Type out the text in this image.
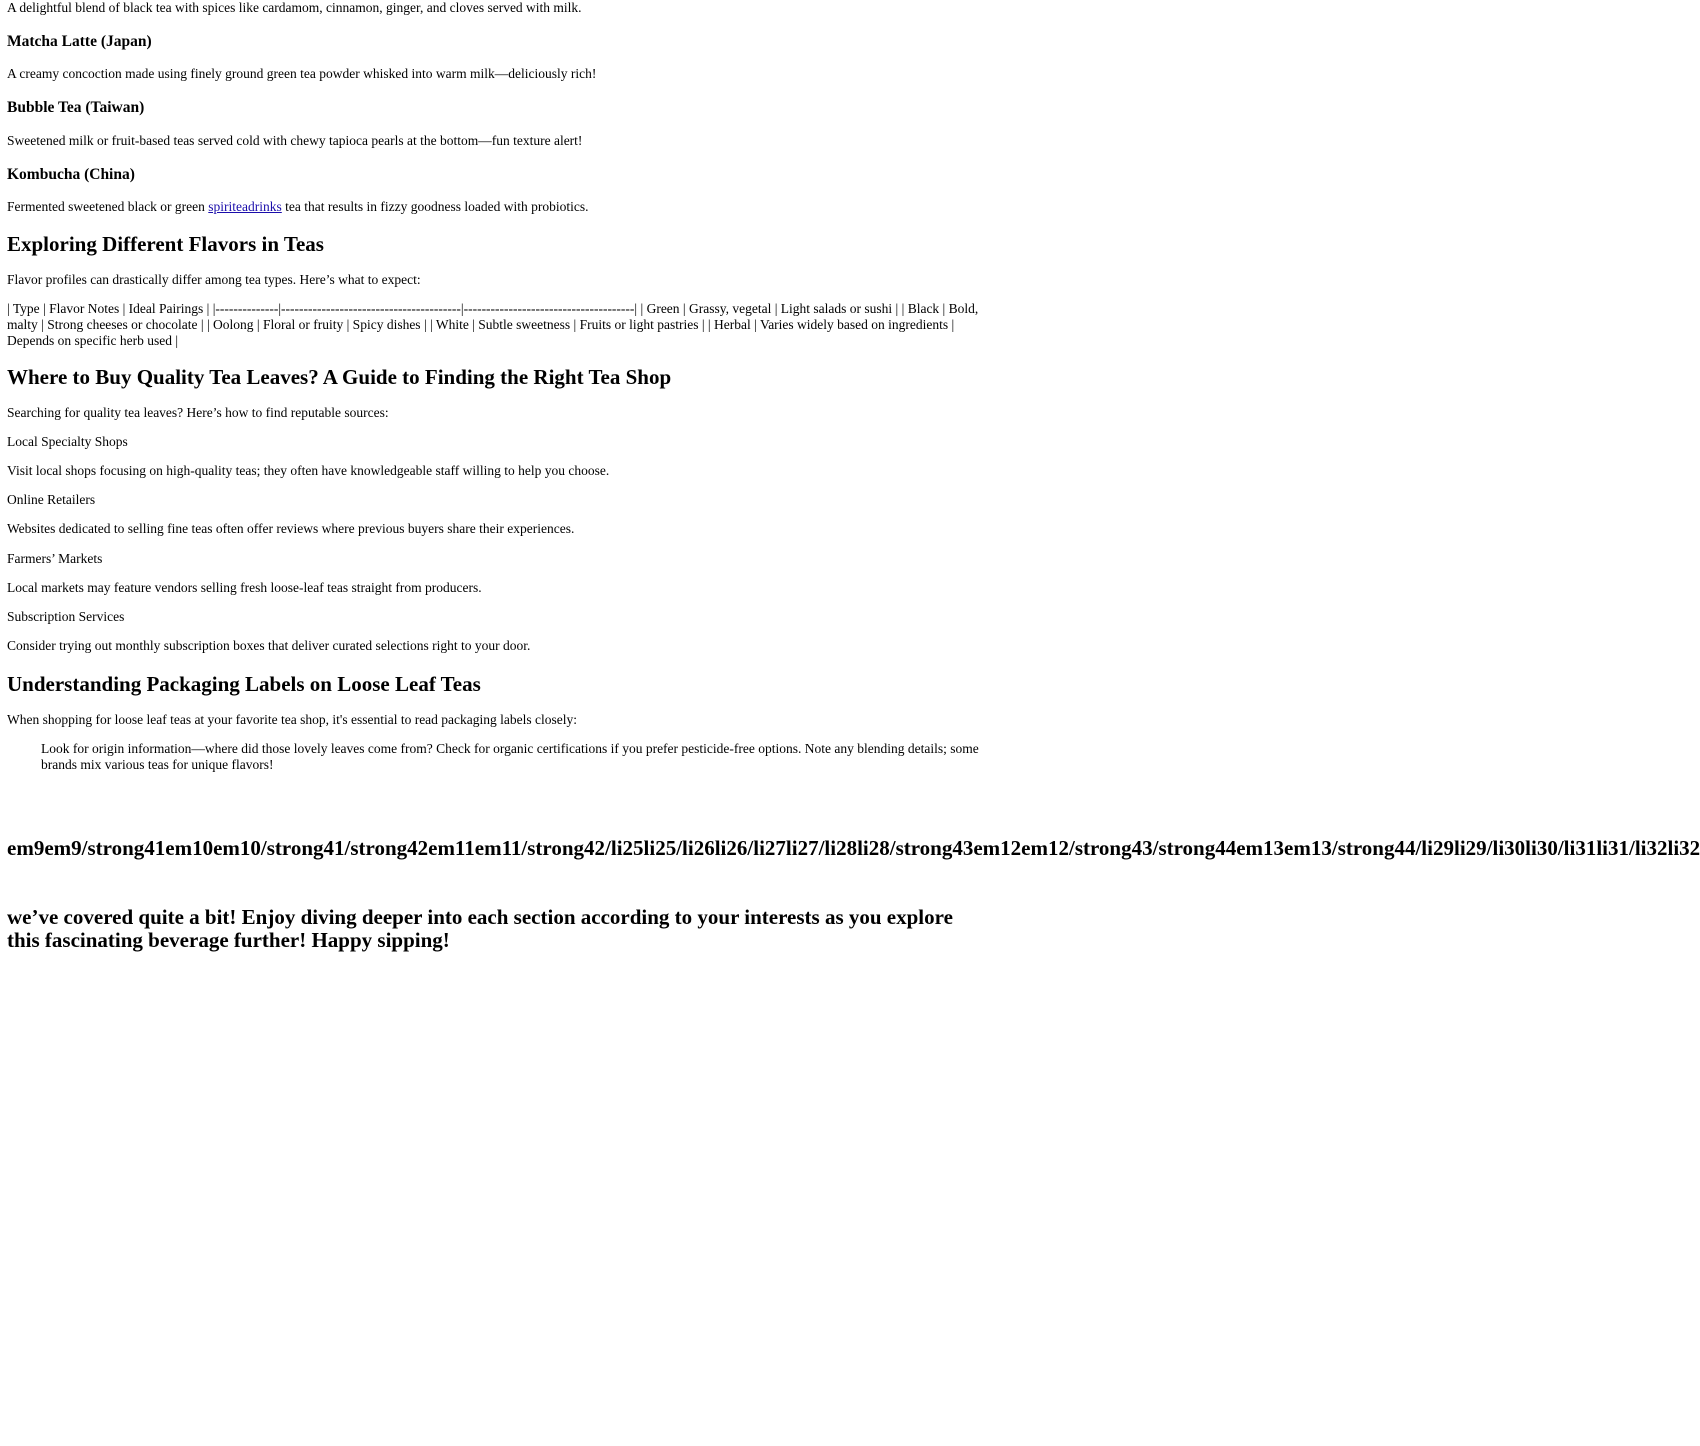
A delightful blend of black tea with spices like cardamom, cinnamon, ginger, and cloves served with milk.

Matcha Latte (Japan)

A creamy concoction made using finely ground green tea powder whisked into warm milk—deliciously rich!

Bubble Tea (Taiwan)

Sweetened milk or fruit-based teas served cold with chewy tapioca pearls at the bottom—fun texture alert!

Kombucha (China)

Fermented sweetened black or green spiriteadrinks tea that results in fizzy goodness loaded with probiotics.

Exploring Different Flavors in Teas

Flavor profiles can drastically differ among tea types. Here’s what to expect:

| Type | Flavor Notes | Ideal Pairings | |--------------|----------------------------------------|--------------------------------------| | Green | Grassy, vegetal | Light salads or sushi | | Black | Bold, malty | Strong cheeses or chocolate | | Oolong | Floral or fruity | Spicy dishes | | White | Subtle sweetness | Fruits or light pastries | | Herbal | Varies widely based on ingredients | Depends on specific herb used |

Where to Buy Quality Tea Leaves? A Guide to Finding the Right Tea Shop

Searching for quality tea leaves? Here’s how to find reputable sources:

Local Specialty Shops

Visit local shops focusing on high-quality teas; they often have knowledgeable staff willing to help you choose.

Online Retailers

Websites dedicated to selling fine teas often offer reviews where previous buyers share their experiences.

Farmers’ Markets

Local markets may feature vendors selling fresh loose-leaf teas straight from producers.

Subscription Services

Consider trying out monthly subscription boxes that deliver curated selections right to your door.

Understanding Packaging Labels on Loose Leaf Teas

When shopping for loose leaf teas at your favorite tea shop, it's essential to read packaging labels closely:

Look for origin information—where did those lovely leaves come from? Check for organic certifications if you prefer pesticide-free options. Note any blending details; some brands mix various teas for unique flavors!

em9em9/strong41em10em10/strong41/strong42em11em11/strong42/li25li25/li26li26/li27li27/li28li28/strong43em12em12/strong43/strong44em13em13/strong44/li29li29/li30li30/li31li31/li32li32

we’ve covered quite a bit! Enjoy diving deeper into each section according to your interests as you explore this fascinating beverage further! Happy sipping!
